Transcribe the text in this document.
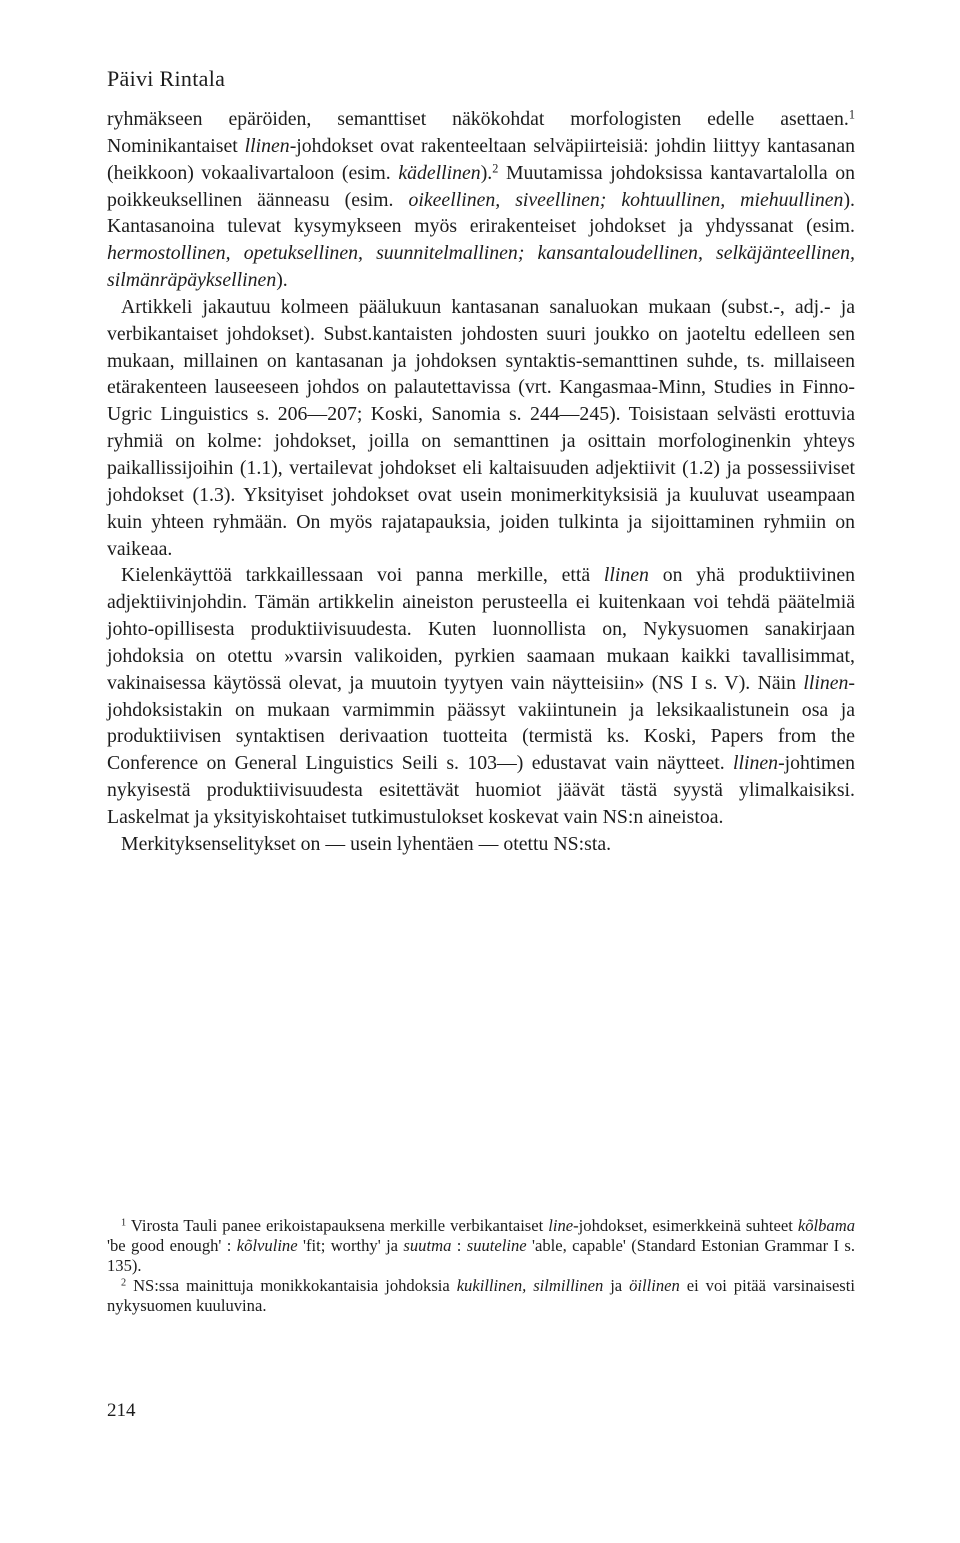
Päivi Rintala

ryhmäkseen epäröiden, semanttiset näkökohdat morfologisten edelle asettaen.$^1$ Nominikantaiset llinen-johdokset ovat rakenteeltaan selväpiirteisiä: johdin liittyy kantasanan (heikkoon) vokaalivartaloon (esim. kädellinen).$^2$ Muutamissa johdoksissa kantavartalolla on poikkeuksellinen äänneasu (esim. oikeellinen, siveellinen; kohtuullinen, miehuullinen). Kantasanoina tulevat kysymykseen myös erirakenteiset johdokset ja yhdyssanat (esim. hermostollinen, opetuksellinen, suunnitelmallinen; kansantaloudellinen, selkäjänteellinen, silmänräpäyksellinen).

Artikkeli jakautuu kolmeen päälukuun kantasanan sanaluokan mukaan (subst.-, adj.- ja verbikantaiset johdokset). Subst.kantaisten johdosten suuri joukko on jaoteltu edelleen sen mukaan, millainen on kantasanan ja johdoksen syntaktis-semanttinen suhde, ts. millaiseen etärakenteen lauseeseen johdos on palautettavissa (vrt. Kangasmaa-Minn, Studies in Finno-Ugric Linguistics s. 206—207; Koski, Sanomia s. 244—245). Toisistaan selvästi erottuvia ryhmiä on kolme: johdokset, joilla on semanttinen ja osittain morfologinenkin yhteys paikallissijoihin (1.1), vertailevat johdokset eli kaltaisuuden adjektiivit (1.2) ja possessiiviset johdokset (1.3). Yksityiset johdokset ovat usein monimerkityksisiä ja kuuluvat useampaan kuin yhteen ryhmään. On myös rajatapauksia, joiden tulkinta ja sijoittaminen ryhmiin on vaikeaa.

Kielenkäyttöä tarkkaillessaan voi panna merkille, että llinen on yhä produktiivinen adjektiivinjohdin. Tämän artikkelin aineiston perusteella ei kuitenkaan voi tehdä päätelmiä johto-opillisesta produktiivisuudesta. Kuten luonnollista on, Nykysuomen sanakirjaan johdoksia on otettu »varsin valikoiden, pyrkien saamaan mukaan kaikki tavallisimmat, vakinaisessa käytössä olevat, ja muutoin tyytyen vain näytteisiin» (NS I s. V). Näin llinen-johdoksistakin on mukaan varmimmin päässyt vakiintunein ja leksikaalistunein osa ja produktiivisen syntaktisen derivaation tuotteita (termistä ks. Koski, Papers from the Conference on General Linguistics Seili s. 103—) edustavat vain näytteet. llinen-johtimen nykyisestä produktiivisuudesta esitettävät huomiot jäävät tästä syystä ylimalkaisiksi. Laskelmat ja yksityiskohtaiset tutkimustulokset koskevat vain NS:n aineistoa.

Merkityksenselitykset on — usein lyhentäen — otettu NS:sta.

$^1$ Virosta Tauli panee erikoistapauksena merkille verbikantaiset line-johdokset, esimerkkeinä suhteet kõlbama 'be good enough' : kõlvuline 'fit; worthy' ja suutma : suuteline 'able, capable' (Standard Estonian Grammar I s. 135).

$^2$ NS:ssa mainittuja monikkokantaisia johdoksia kukillinen, silmillinen ja öillinen ei voi pitää varsinaisesti nykysuomen kuuluvina.

214
